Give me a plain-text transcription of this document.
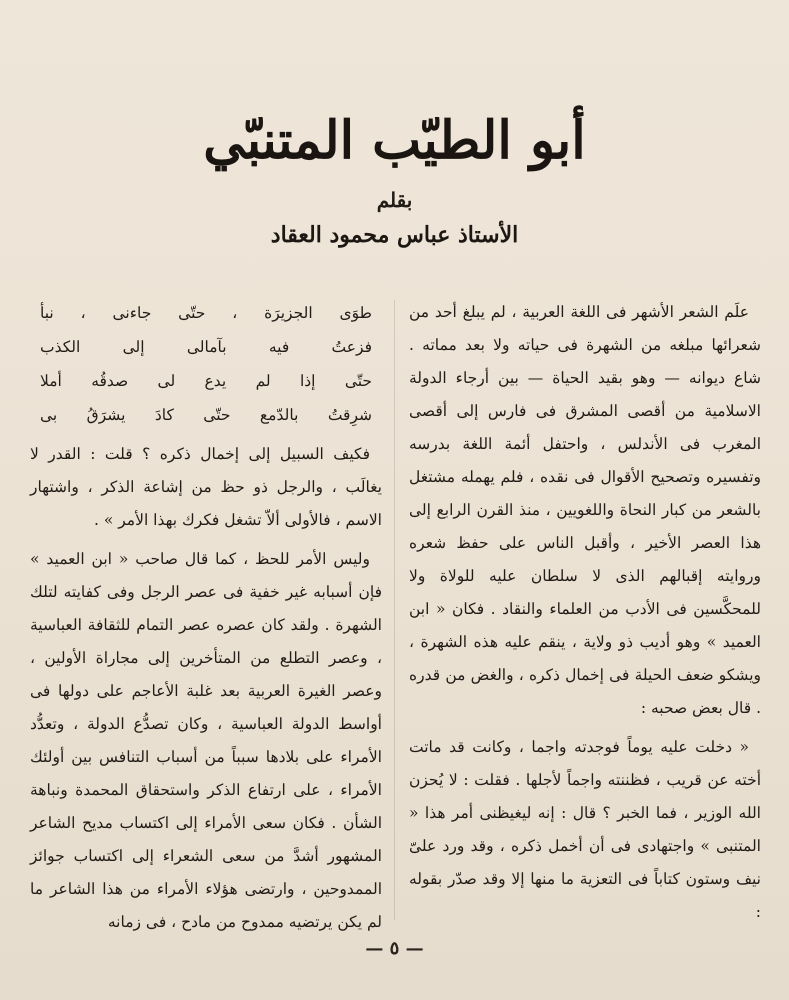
أبو الطيّب المتنبّي
بقلم
الأستاذ عباس محمود العقاد

علَم الشعر الأشهر فى اللغة العربية ، لم يبلغ أحد من شعرائها مبلغه من الشهرة فى حياته ولا بعد مماته . شاع ديوانه — وهو بقيد الحياة — بين أرجاء الدولة الاسلامية من أقصى المشرق فى فارس إلى أقصى المغرب فى الأندلس ، واحتفل أئمة اللغة بدرسه وتفسيره وتصحيح الأقوال فى نقده ، فلم يهمله مشتغل بالشعر من كبار النحاة واللغويين ، منذ القرن الرابع إلى هذا العصر الأخير ، وأقبل الناس على حفظ شعره وروايته إقبالهم الذى لا سلطان عليه للولاة ولا للمحكَّسين فى الأدب من العلماء والنقاد . فكان « ابن العميد » وهو أديب ذو ولاية ، ينقم عليه هذه الشهرة ، ويشكو ضعف الحيلة فى إخمال ذكره ، والغض من قدره . قال بعض صحبه :

« دخلت عليه يوماً فوجدته واجما ، وكانت قد ماتت أخته عن قريب ، فظننته واجماً لأجلها . فقلت : لا يُحزن الله الوزير ، فما الخبر ؟ قال : إنه ليغيظنى أمر هذا « المتنبى » واجتهادى فى أن أخمل ذكره ، وقد ورد علىّ نيف وستون كتاباً فى التعزية ما منها إلا وقد صدّر بقوله :

طوَى الجزيرَة ، حتّى جاءنى ، نبأ
فزعتُ فيه بآمالى إلى الكذب
حتّى إذا لم يدع لى صدقُه أملا
شرِقتُ بالدّمع حتّى كادَ يشرَقُ بى

فكيف السبيل إلى إخمال ذكره ؟ قلت : القدر لا يغالَب ، والرجل ذو حظ من إشاعة الذكر ، واشتهار الاسم ، فالأولى ألاّ تشغل فكرك بهذا الأمر » .

وليس الأمر للحظ ، كما قال صاحب « ابن العميد » فإن أسبابه غير خفية فى عصر الرجل وفى كفايته لتلك الشهرة . ولقد كان عصره عصر التمام للثقافة العباسية ، وعصر التطلع من المتأخرين إلى مجاراة الأولين ، وعصر الغيرة العربية بعد غلبة الأعاجم على دولها فى أواسط الدولة العباسية ، وكان تصدُّع الدولة ، وتعدُّد الأمراء على بلادها سبباً من أسباب التنافس بين أولئك الأمراء ، على ارتفاع الذكر واستحقاق المحمدة ونباهة الشأن . فكان سعى الأمراء إلى اكتساب مديح الشاعر المشهور أشدَّ من سعى الشعراء إلى اكتساب جوائز الممدوحين ، وارتضى هؤلاء الأمراء من هذا الشاعر ما لم يكن يرتضيه ممدوح من مادح ، فى زمانه

— ٥ —
